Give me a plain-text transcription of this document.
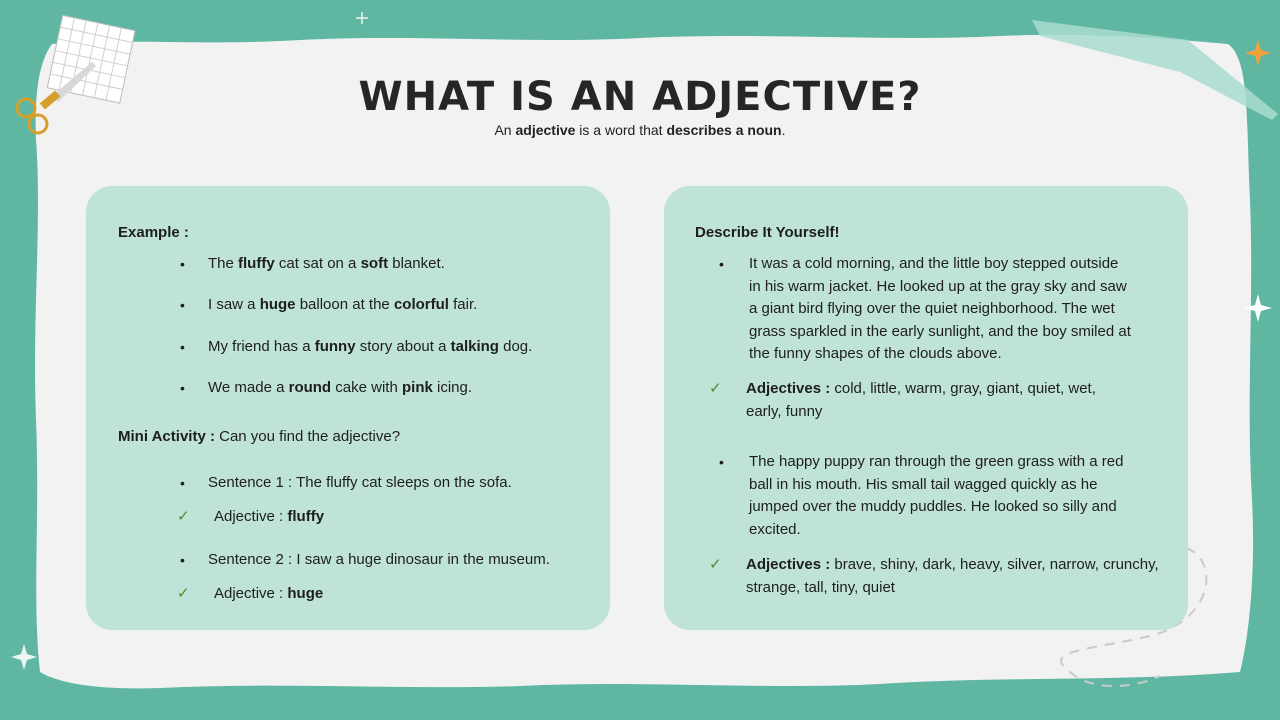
WHAT IS AN ADJECTIVE?

An adjective is a word that describes a noun.

Example :
• The fluffy cat sat on a soft blanket.
• I saw a huge balloon at the colorful fair.
• My friend has a funny story about a talking dog.
• We made a round cake with pink icing.
Mini Activity : Can you find the adjective?
• Sentence 1 : The fluffy cat sleeps on the sofa.
✓ Adjective : fluffy
• Sentence 2 : I saw a huge dinosaur in the museum.
✓ Adjective : huge
Describe It Yourself!
• It was a cold morning, and the little boy stepped outside in his warm jacket. He looked up at the gray sky and saw a giant bird flying over the quiet neighborhood. The wet grass sparkled in the early sunlight, and the boy smiled at the funny shapes of the clouds above.
✓ Adjectives : cold, little, warm, gray, giant, quiet, wet, early, funny
• The happy puppy ran through the green grass with a red ball in his mouth. His small tail wagged quickly as he jumped over the muddy puddles. He looked so silly and excited.
✓ Adjectives : brave, shiny, dark, heavy, silver, narrow, crunchy, strange, tall, tiny, quiet
